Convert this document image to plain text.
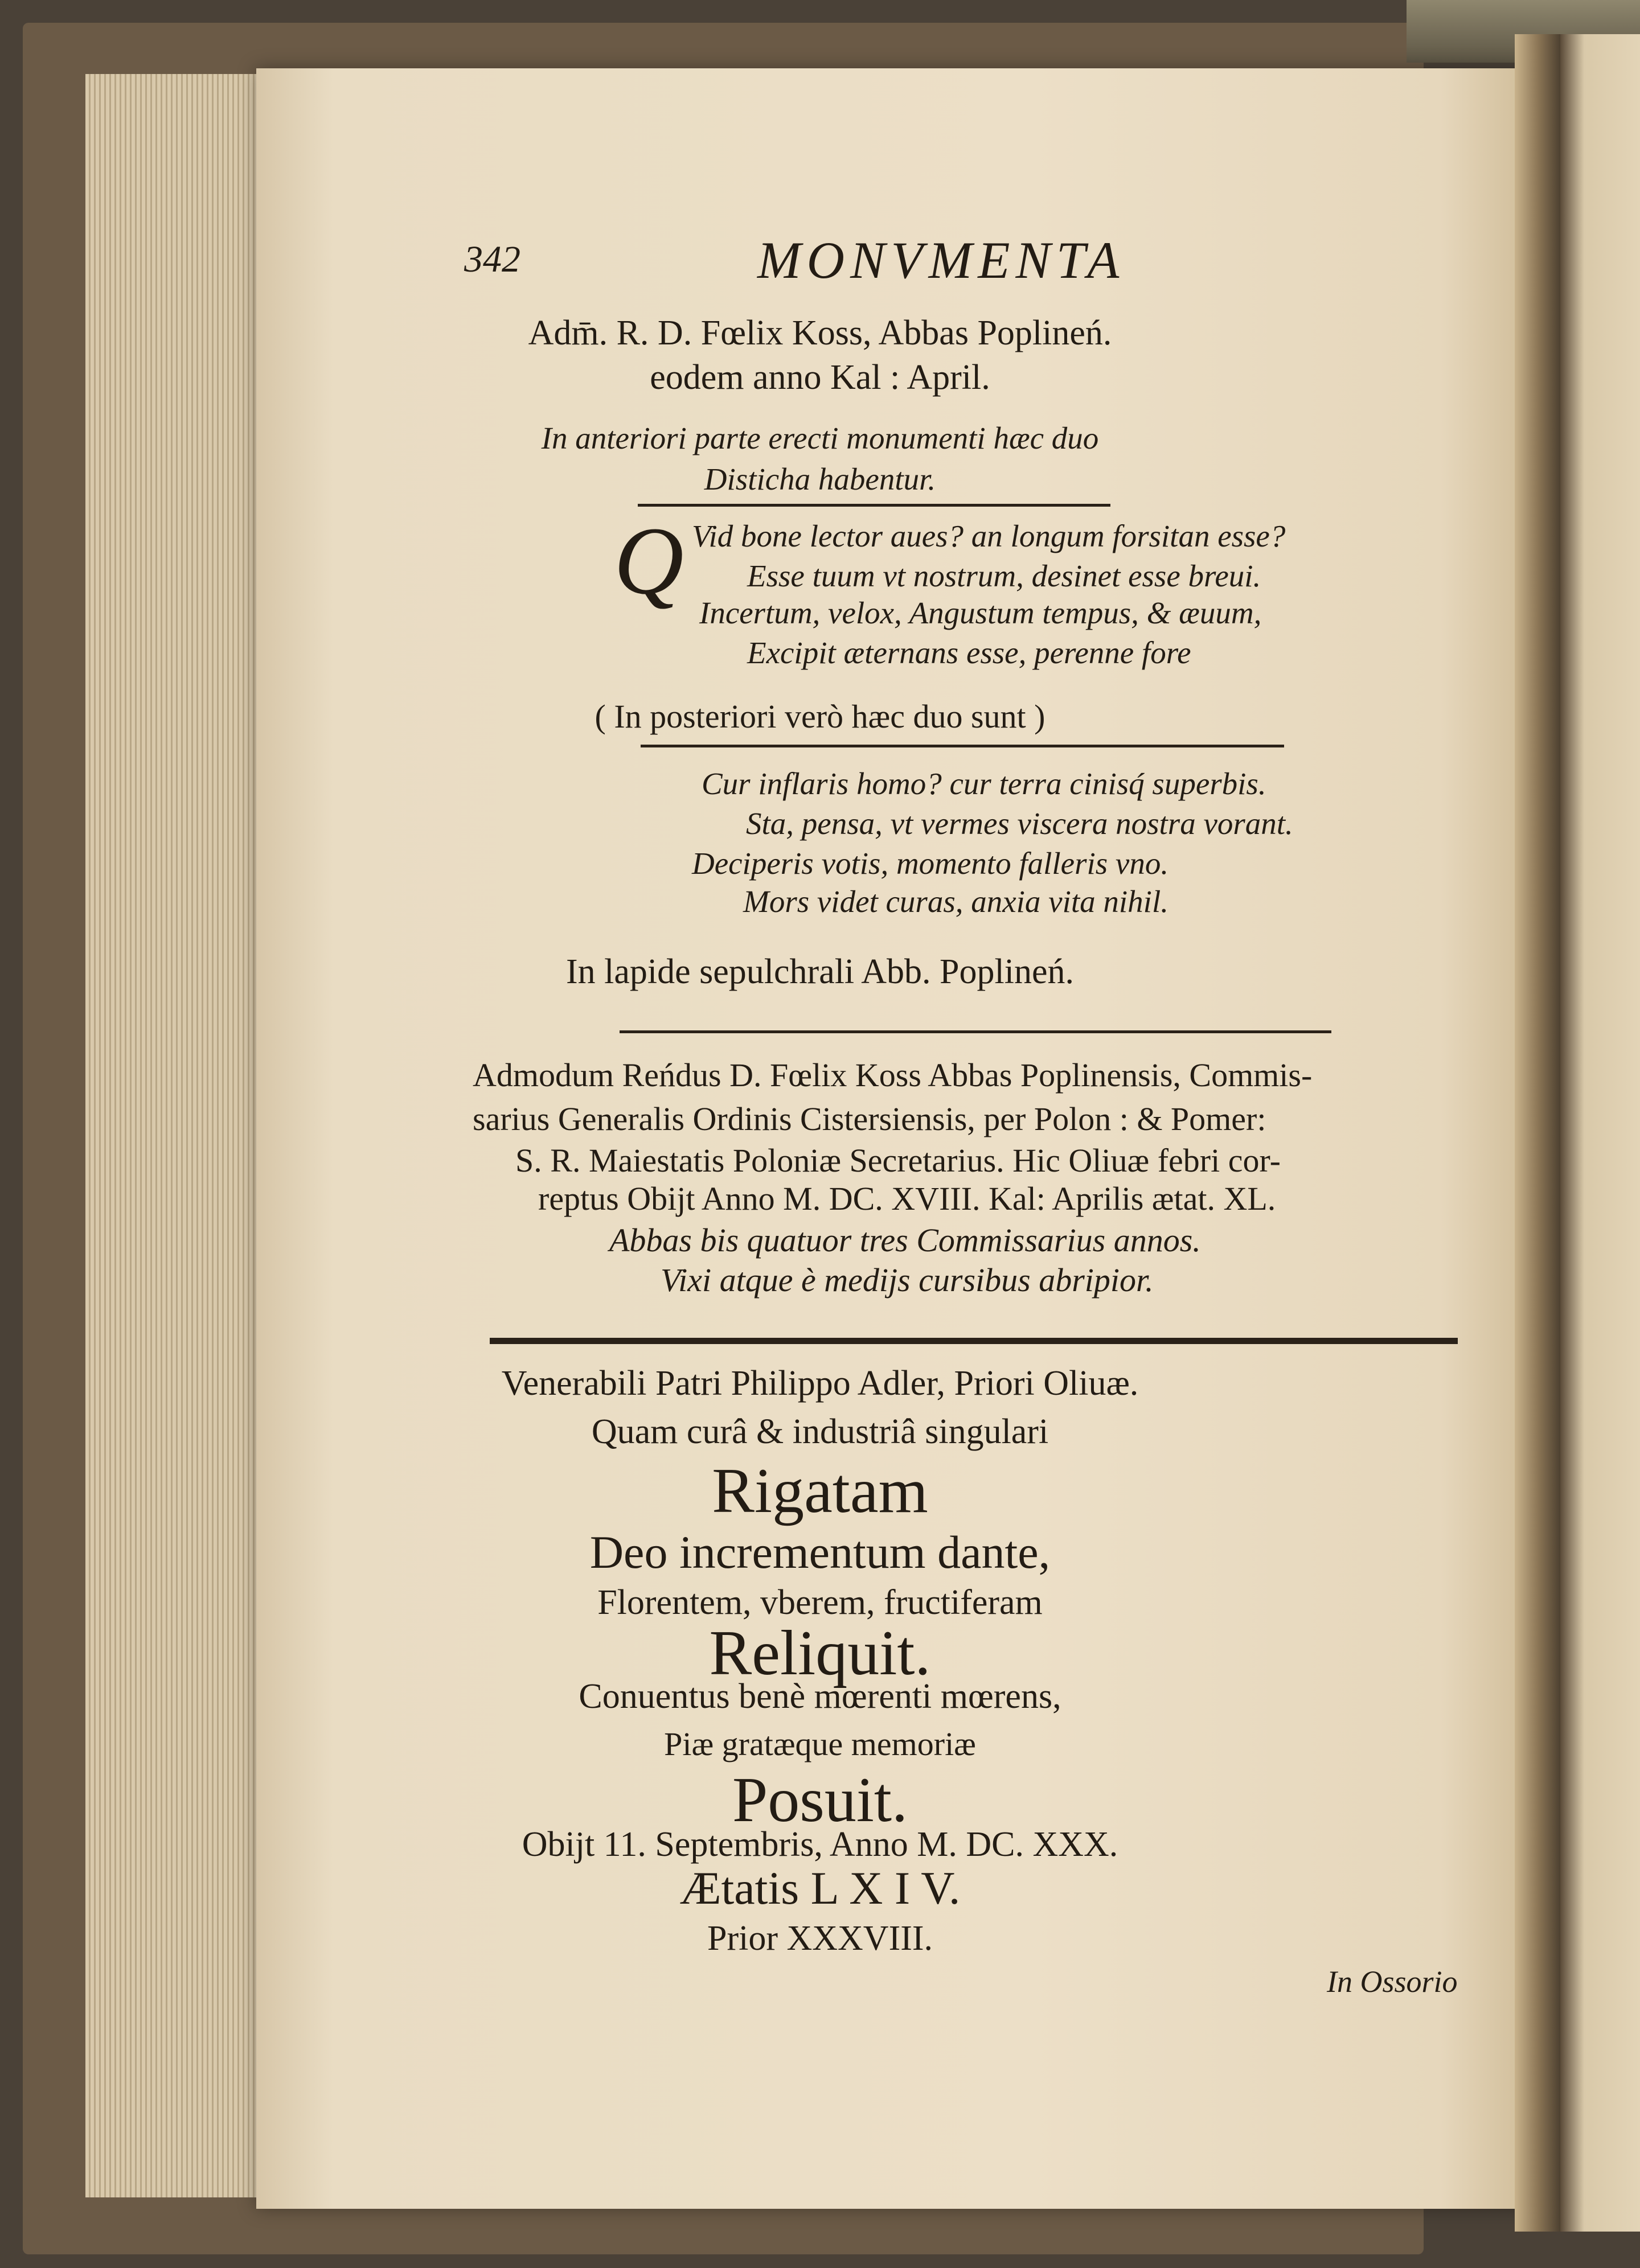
342	MONVMENTA
Adm̄. R. D. Fœlix Koss, Abbas Poplineń.
eodem anno Kal : April.
In anteriori parte erecti monumenti hæc duo
Disticha habentur.
Q Vid bone lector aues? an longum forsitan esse?
Esse tuum vt nostrum, desinet esse breui.
Incertum, velox, Angustum tempus, & æuum,
Excipit æternans esse, perenne fore
( In posteriori verò hæc duo sunt )
Cur inflaris homo? cur terra cinisq́ superbis.
Sta, pensa, vt vermes viscera nostra vorant.
Deciperis votis, momento falleris vno.
Mors videt curas, anxia vita nihil.
In lapide sepulchrali Abb. Poplineń.
Admodum Reńdus D. Fœlix Koss Abbas Poplinensis, Commis-
sarius Generalis Ordinis Cistersiensis, per Polon : & Pomer:
S. R. Maiestatis Poloniæ Secretarius. Hic Oliuæ febri cor-
reptus Obijt Anno M. DC. XVIII. Kal: Aprilis ætat. XL.
Abbas bis quatuor tres Commissarius annos.
Vixi atque è medijs cursibus abripior.
Venerabili Patri Philippo Adler, Priori Oliuæ.
Quam curâ & industriâ singulari
Rigatam
Deo incrementum dante,
Florentem, vberem, fructiferam
Reliquit.
Conuentus benè mœrenti mœrens,
Piæ gratæque memoriæ
Posuit.
Obijt 11. Septembris, Anno M. DC. XXX.
Ætatis L X I V.
Prior XXXVIII.
In Ossorio
